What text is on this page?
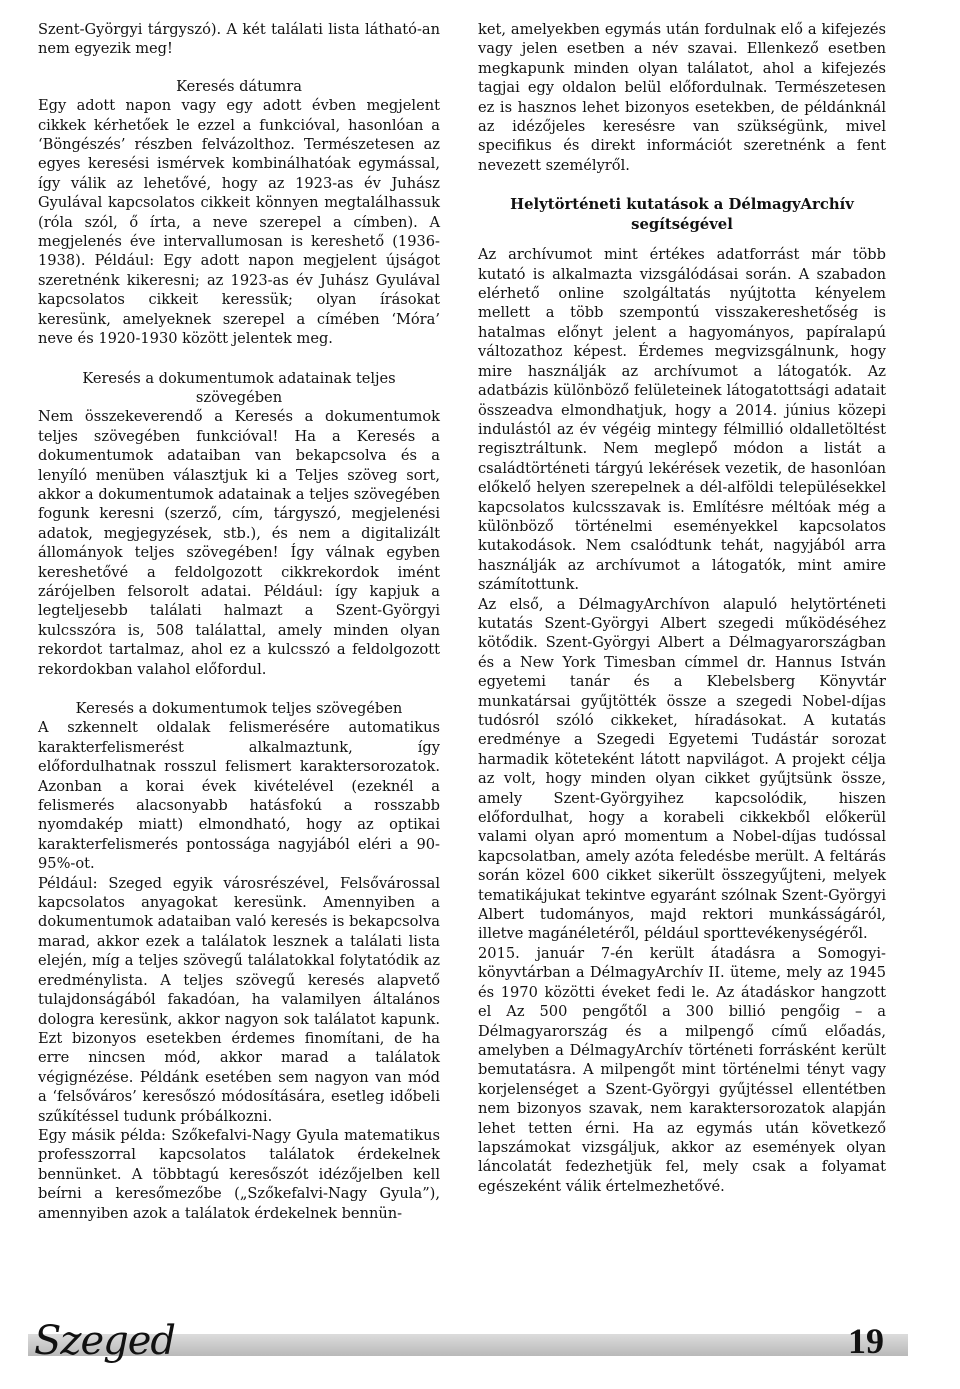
Szent-Györgyi tárgyszó). A két találati lista látható-an nem egyezik meg!

Keresés dátumra

Egy adott napon vagy egy adott évben megjelent cikkek kérhetőek le ezzel a funkcióval, hasonlóan a ‘Böngészés’ részben felvázolthoz. Természetesen az egyes keresési ismérvek kombinálhatóak egymással, így válik az lehetővé, hogy az 1923-as év Juhász Gyulával kapcsolatos cikkeit könnyen megtalálhassuk (róla szól, ő írta, a neve szerepel a címben). A megjelenés éve intervallumosan is kereshető (1936-1938). Például: Egy adott napon megjelent újságot szeretnénk kikeresni; az 1923-as év Juhász Gyulával kapcsolatos cikkeit keressük; olyan írásokat keresünk, amelyeknek szerepel a címében ‘Móra’ neve és 1920-1930 között jelentek meg.

Keresés a dokumentumok adatainak teljes szövegében

Nem összekeverendő a Keresés a dokumentumok teljes szövegében funkcióval! Ha a Keresés a dokumentumok adataiban van bekapcsolva és a lenyíló menüben választjuk ki a Teljes szöveg sort, akkor a dokumentumok adatainak a teljes szövegében fogunk keresni (szerző, cím, tárgyszó, megjelenési adatok, megjegyzések, stb.), és nem a digitalizált állományok teljes szövegében! Így válnak egyben kereshetővé a feldolgozott cikkrekordok imént zárójelben felsorolt adatai. Például: így kapjuk a legteljesebb találati halmazt a Szent-Györgyi kulcsszóra is, 508 találattal, amely minden olyan rekordot tartalmaz, ahol ez a kulcsszó a feldolgozott rekordokban valahol előfordul.

Keresés a dokumentumok teljes szövegében

A szkennelt oldalak felismerésére automatikus karakterfelismerést alkalmaztunk, így előfordulhatnak rosszul felismert karaktersorozatok. Azonban a korai évek kivételével (ezeknél a felismerés alacsonyabb hatásfokú a rosszabb nyomdakép miatt) elmondható, hogy az optikai karakterfelismerés pontossága nagyjából eléri a 90-95%-ot.

Például: Szeged egyik városrészével, Felsővárossal kapcsolatos anyagokat keresünk. Amennyiben a dokumentumok adataiban való keresés is bekapcsolva marad, akkor ezek a találatok lesznek a találati lista elején, míg a teljes szövegű találatokkal folytatódik az eredménylista. A teljes szövegű keresés alapvető tulajdonságából fakadóan, ha valamilyen általános dologra keresünk, akkor nagyon sok találatot kapunk. Ezt bizonyos esetekben érdemes finomítani, de ha erre nincsen mód, akkor marad a találatok végignézése. Példánk esetében sem nagyon van mód a ‘felsőváros’ keresőszó módosítására, esetleg időbeli szűkítéssel tudunk próbálkozni.

Egy másik példa: Szőkefalvi-Nagy Gyula matematikus professzorral kapcsolatos találatok érdekelnek bennünket. A többtagú keresőszót idézőjelben kell beírni a keresőmezőbe („Szőkefalvi-Nagy Gyula”), amennyiben azok a találatok érdekelnek bennün-

ket, amelyekben egymás után fordulnak elő a kifejezés vagy jelen esetben a név szavai. Ellenkező esetben megkapunk minden olyan találatot, ahol a kifejezés tagjai egy oldalon belül előfordulnak. Természetesen ez is hasznos lehet bizonyos esetekben, de példánknál az idézőjeles keresésre van szükségünk, mivel specifikus és direkt információt szeretnénk a fent nevezett személyről.

Helytörténeti kutatások a DélmagyArchív segítségével

Az archívumot mint értékes adatforrást már több kutató is alkalmazta vizsgálódásai során. A szabadon elérhető online szolgáltatás nyújtotta kényelem mellett a több szempontú visszakereshetőség is hatalmas előnyt jelent a hagyományos, papíralapú változathoz képest. Érdemes megvizsgálnunk, hogy mire használják az archívumot a látogatók. Az adatbázis különböző felületeinek látogatottsági adatait összeadva elmondhatjuk, hogy a 2014. június közepi indulástól az év végéig mintegy félmillió oldalletöltést regisztráltunk. Nem meglepő módon a listát a családtörténeti tárgyú lekérések vezetik, de hasonlóan előkelő helyen szerepelnek a dél-alföldi településekkel kapcsolatos kulcsszavak is. Említésre méltóak még a különböző történelmi eseményekkel kapcsolatos kutakodások. Nem csalódtunk tehát, nagyjából arra használják az archívumot a látogatók, mint amire számítottunk.

Az első, a DélmagyArchívon alapuló helytörténeti kutatás Szent-Györgyi Albert szegedi működéséhez kötődik. Szent-Györgyi Albert a Délmagyarországban és a New York Timesban címmel dr. Hannus István egyetemi tanár és a Klebelsberg Könyvtár munkatársai gyűjtötték össze a szegedi Nobel-díjas tudósról szóló cikkeket, híradásokat. A kutatás eredménye a Szegedi Egyetemi Tudástár sorozat harmadik köteteként látott napvilágot. A projekt célja az volt, hogy minden olyan cikket gyűjtsünk össze, amely Szent-Györgyihez kapcsolódik, hiszen előfordulhat, hogy a korabeli cikkekből előkerül valami olyan apró momentum a Nobel-díjas tudóssal kapcsolatban, amely azóta feledésbe merült. A feltárás során közel 600 cikket sikerült összegyűjteni, melyek tematikájukat tekintve egyaránt szólnak Szent-Györgyi Albert tudományos, majd rektori munkásságáról, illetve magánéletéről, például sporttevékenységéről.

2015. január 7-én került átadásra a Somogyi-könyvtárban a DélmagyArchív II. üteme, mely az 1945 és 1970 közötti éveket fedi le. Az átadáskor hangzott el Az 500 pengőtől a 300 billió pengőig – a Délmagyarország és a milpengő című előadás, amelyben a DélmagyArchív történeti forrásként került bemutatásra. A milpengőt mint történelmi tényt vagy korjelenséget a Szent-Györgyi gyűjtéssel ellentétben nem bizonyos szavak, nem karaktersorozatok alapján lehet tetten érni. Ha az egymás után következő lapszámokat vizsgáljuk, akkor az események olyan láncolatát fedezhetjük fel, mely csak a folyamat egészeként válik értelmezhetővé.

Szeged	19
